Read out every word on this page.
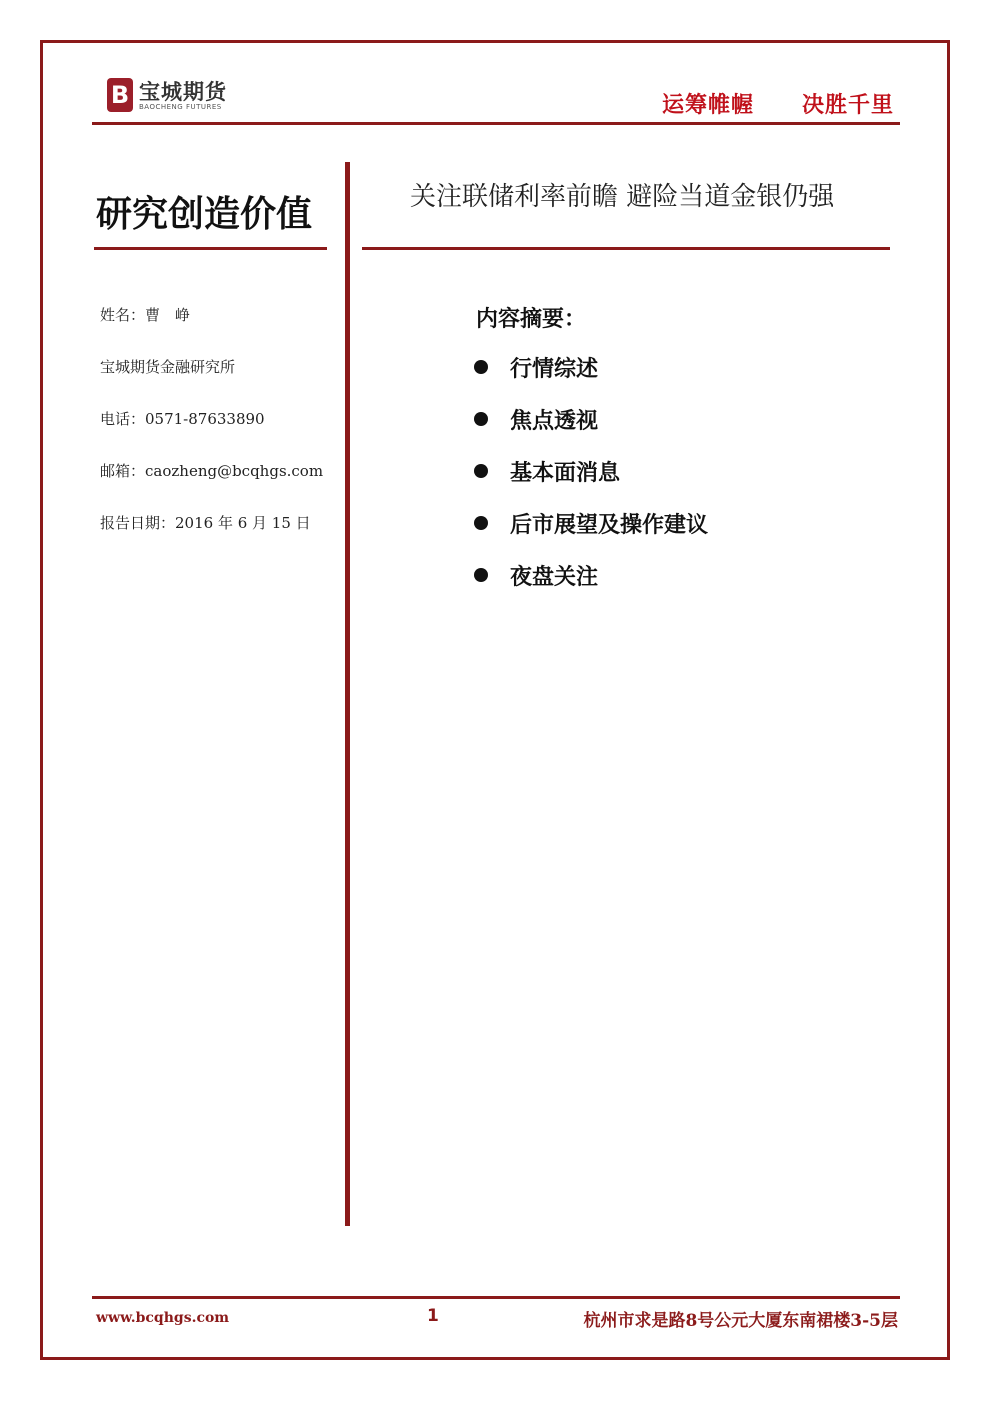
B 宝城期货
BAOCHENG FUTURES	运筹帷幄 决胜千里
研究创造价值	关注联储利率前瞻 避险当道金银仍强
姓名：曹　峥
宝城期货金融研究所
电话：0571-87633890
邮箱：caozheng@bcqhgs.com
报告日期：2016 年 6 月 15 日
内容摘要：
行情综述
焦点透视
基本面消息
后市展望及操作建议
夜盘关注
www.bcqhgs.com	1	杭州市求是路8号公元大厦东南裙楼3-5层
